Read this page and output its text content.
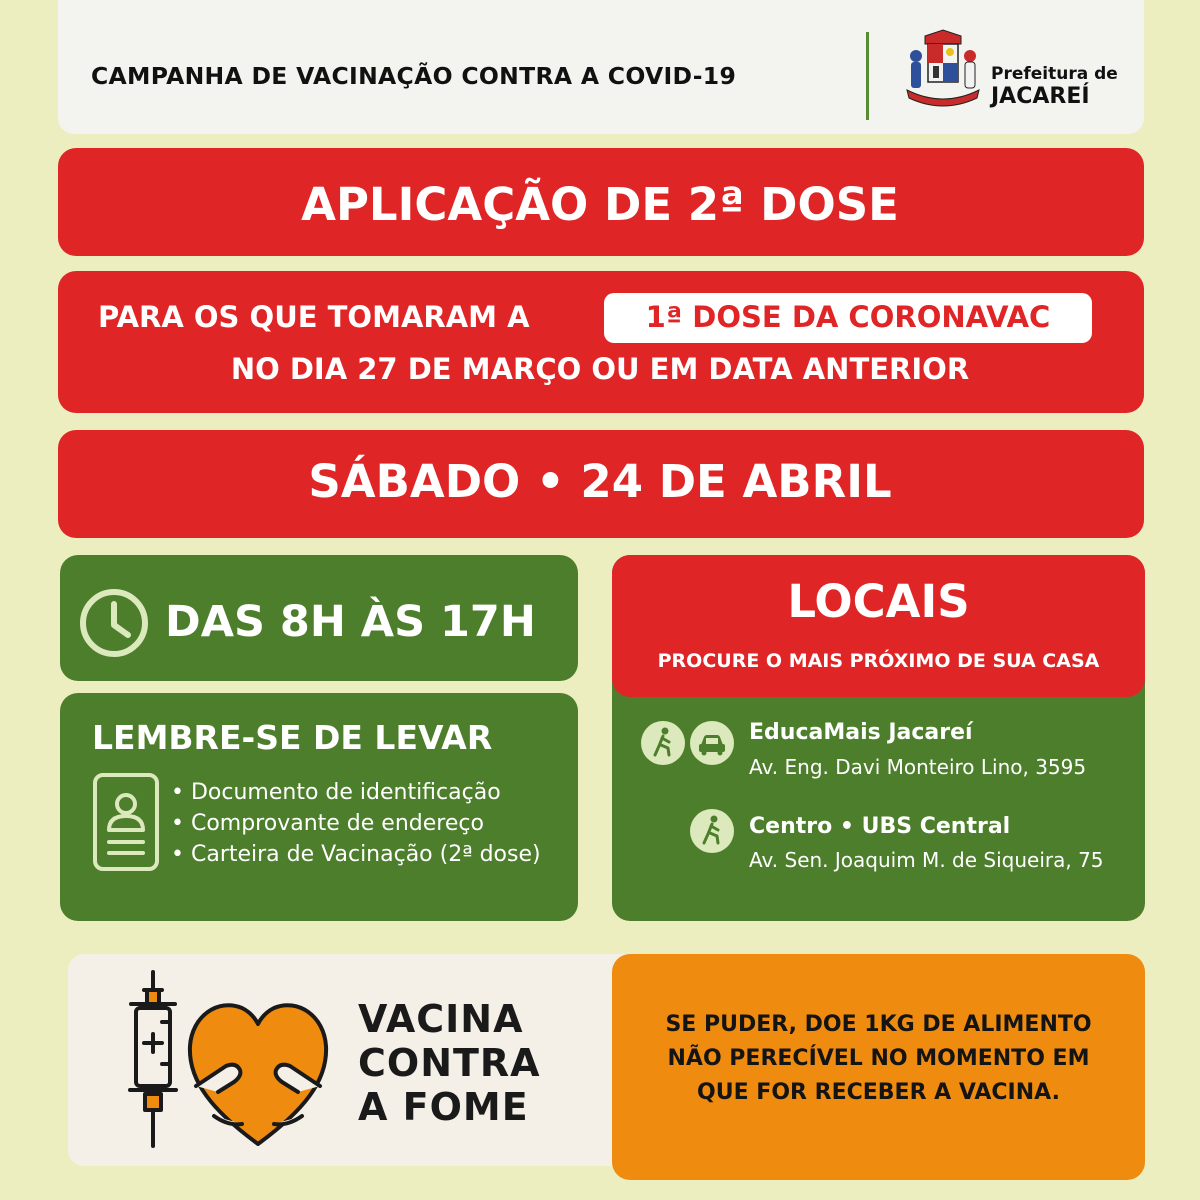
CAMPANHA DE VACINAÇÃO CONTRA A COVID-19	Prefeitura de
JACAREÍ
APLICAÇÃO DE 2ª DOSE
PARA OS QUE TOMARAM A	1ª DOSE DA CORONAVAC
NO DIA 27 DE MARÇO OU EM DATA ANTERIOR
SÁBADO • 24 DE ABRIL
DAS 8H ÀS 17H
LEMBRE-SE DE LEVAR
• Documento de identificação
• Comprovante de endereço
• Carteira de Vacinação (2ª dose)
LOCAIS
PROCURE O MAIS PRÓXIMO DE SUA CASA
EducaMais Jacareí
Av. Eng. Davi Monteiro Lino, 3595
Centro • UBS Central
Av. Sen. Joaquim M. de Siqueira, 75
VACINA
CONTRA
A FOME
SE PUDER, DOE 1KG DE ALIMENTO
NÃO PERECÍVEL NO MOMENTO EM
QUE FOR RECEBER A VACINA.
